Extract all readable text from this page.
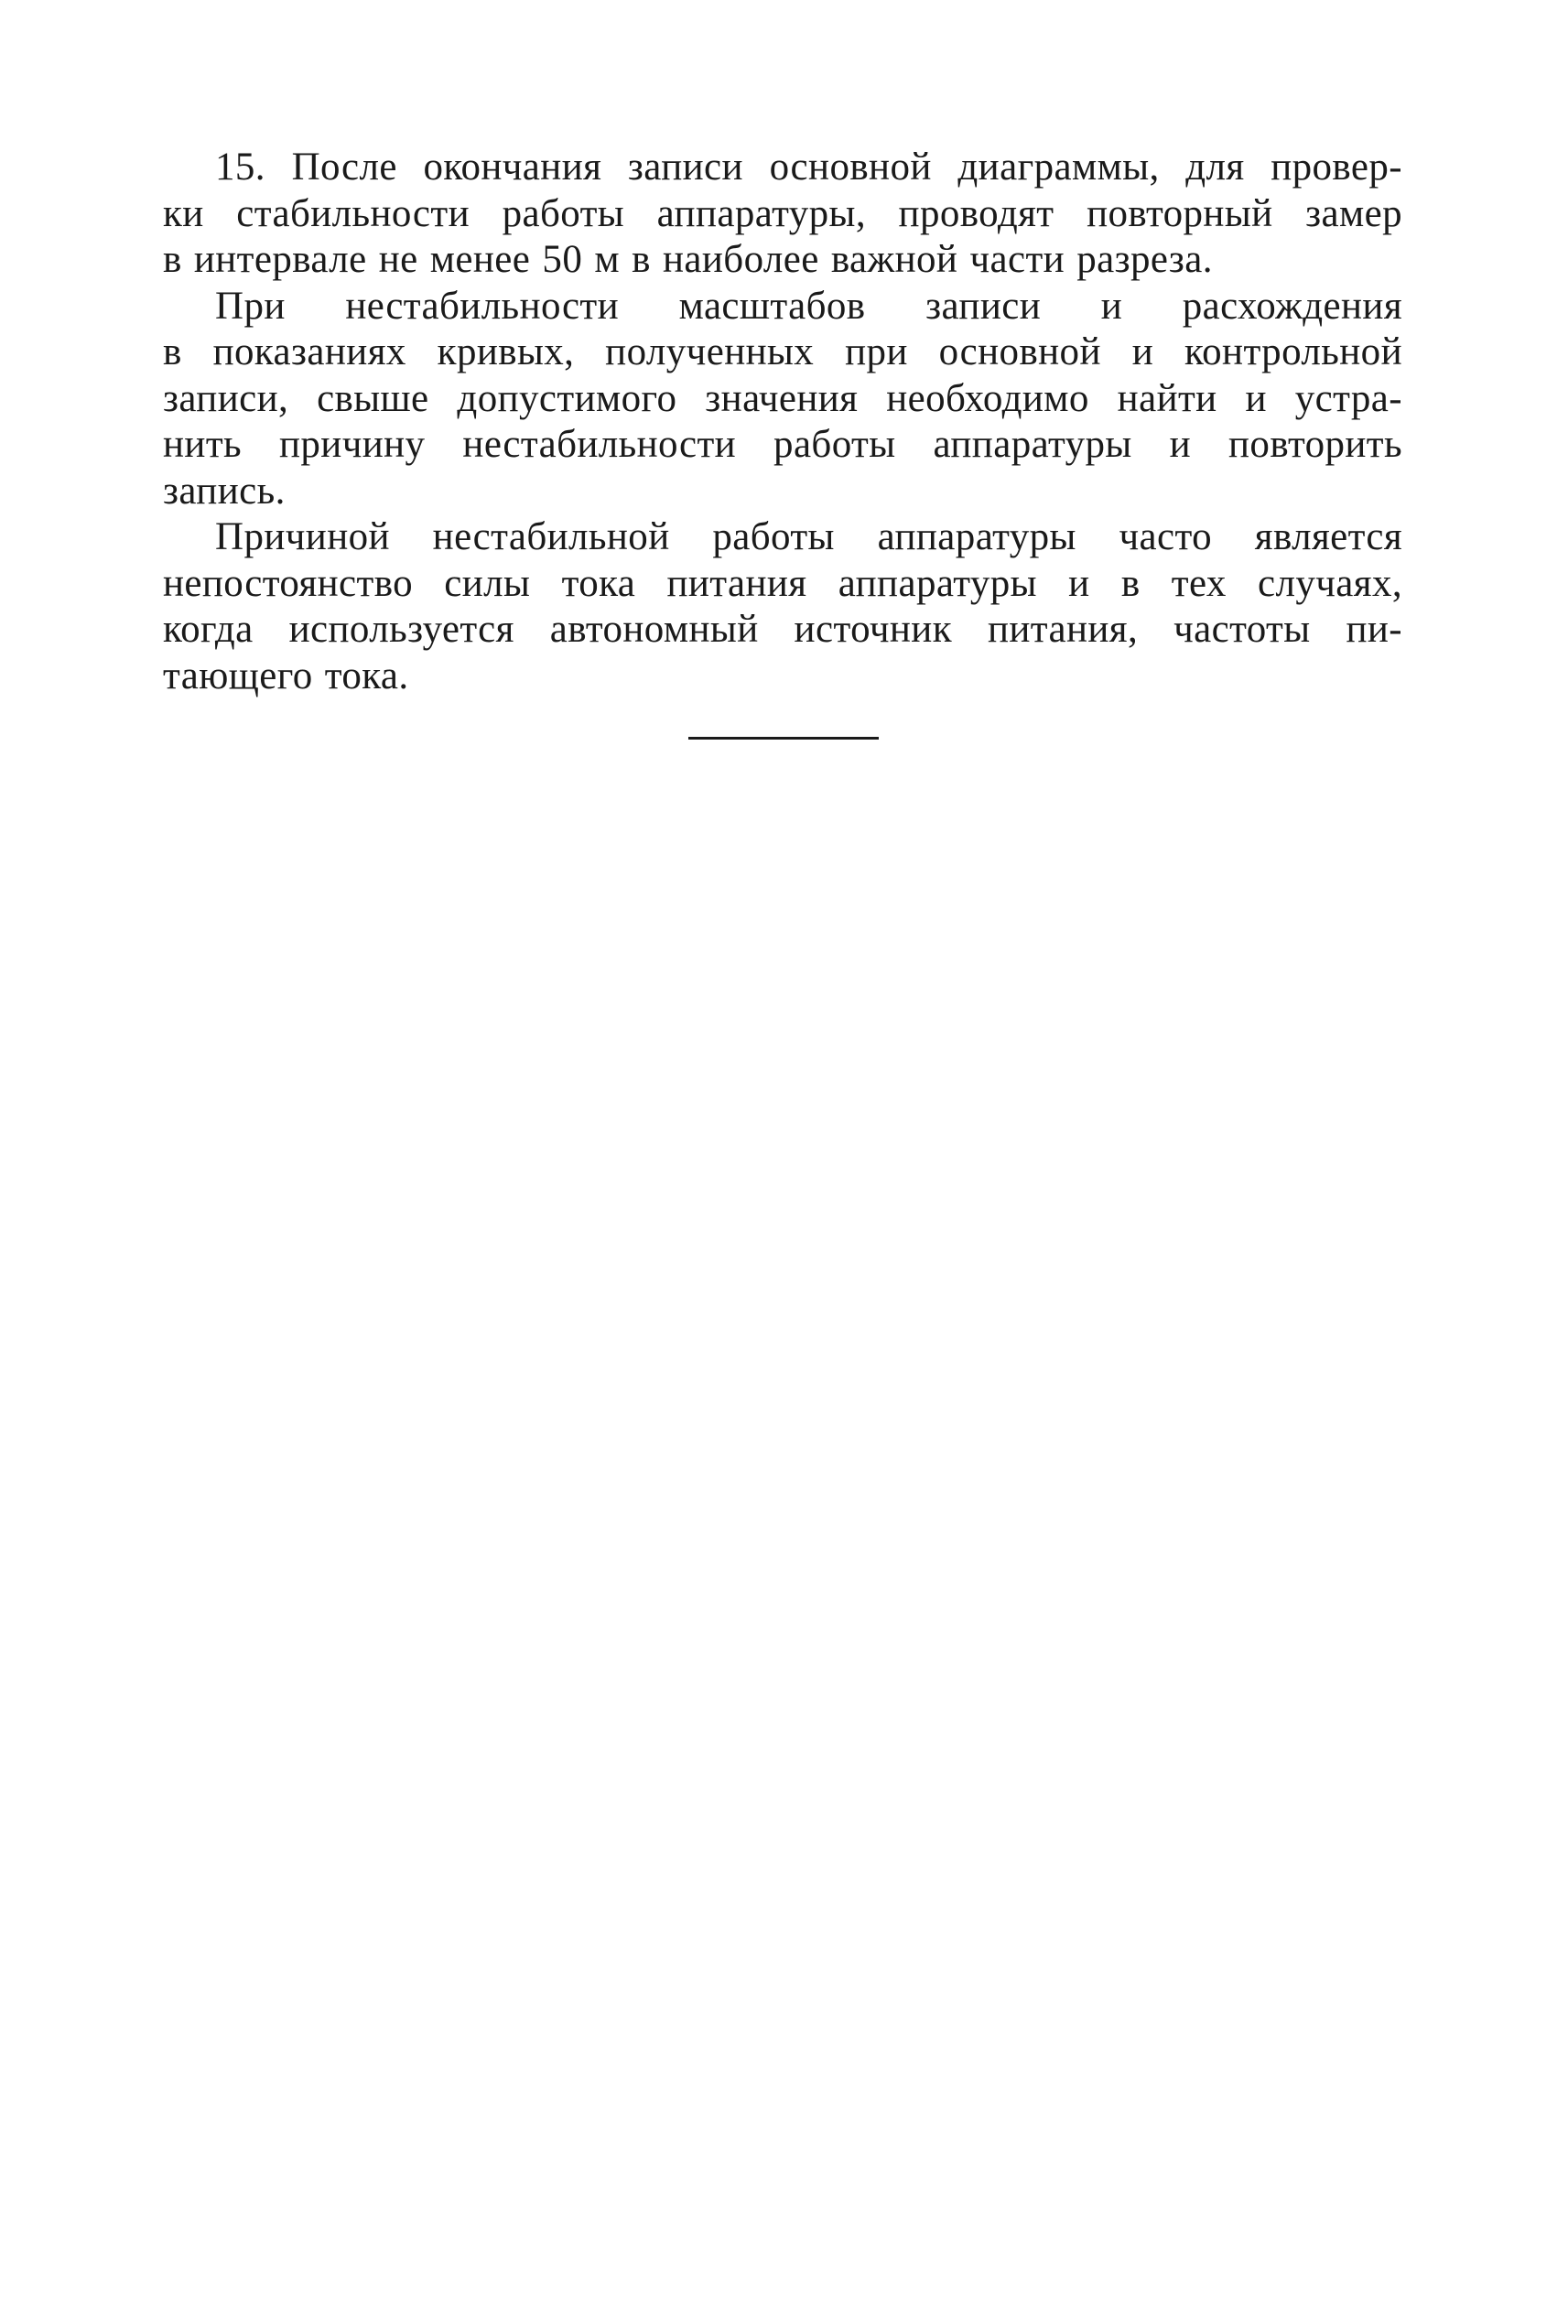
15. После окончания записи основной диаграммы, для провер-
ки стабильности работы аппаратуры, проводят повторный замер
в интервале не менее 50 м в наиболее важной части разреза.

При нестабильности масштабов записи и расхождения
в показаниях кривых, полученных при основной и контрольной
записи, свыше допустимого значения необходимо найти и устра-
нить причину нестабильности работы аппаратуры и повторить
запись.

Причиной нестабильной работы аппаратуры часто является
непостоянство силы тока питания аппаратуры и в тех случаях,
когда используется автономный источник питания, частоты пи-
тающего тока.
